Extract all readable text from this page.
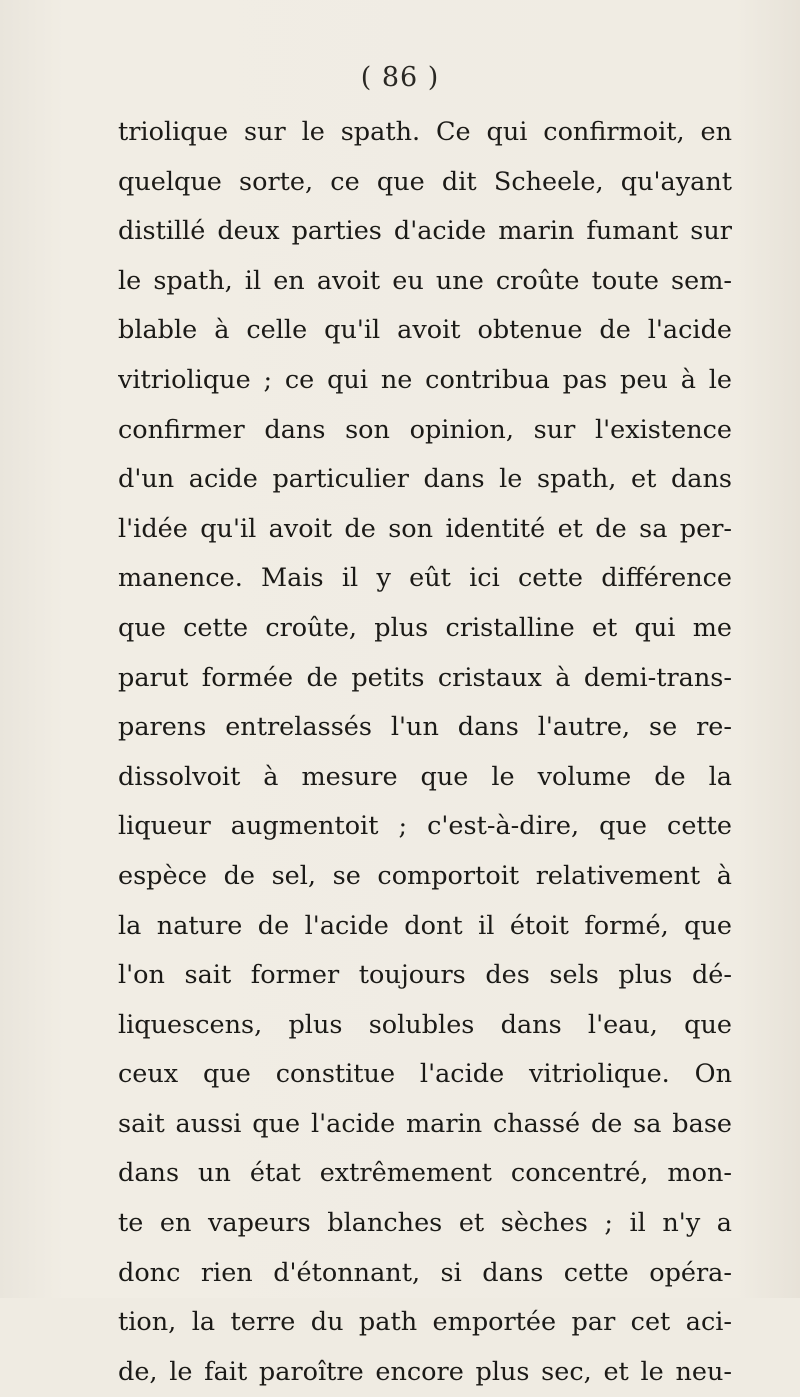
( 86 )
triolique sur le spath. Ce qui confirmoit, en
quelque sorte, ce que dit Scheele, qu'ayant
distillé deux parties d'acide marin fumant sur
le spath, il en avoit eu une croûte toute sem-
blable à celle qu'il avoit obtenue de l'acide
vitriolique ; ce qui ne contribua pas peu à le
confirmer dans son opinion, sur l'existence
d'un acide particulier dans le spath, et dans
l'idée qu'il avoit de son identité et de sa per-
manence. Mais il y eût ici cette différence
que cette croûte, plus cristalline et qui me
parut formée de petits cristaux à demi-trans-
parens entrelassés l'un dans l'autre, se re-
dissolvoit à mesure que le volume de la
liqueur augmentoit ; c'est-à-dire, que cette
espèce de sel, se comportoit relativement à
la nature de l'acide dont il étoit formé, que
l'on sait former toujours des sels plus dé-
liquescens, plus solubles dans l'eau, que
ceux que constitue l'acide vitriolique. On
sait aussi que l'acide marin chassé de sa base
dans un état extrêmement concentré, mon-
te en vapeurs blanches et sèches ; il n'y a
donc rien d'étonnant, si dans cette opéra-
tion, la terre du path emportée par cet aci-
de, le fait paroître encore plus sec, et le neu-
